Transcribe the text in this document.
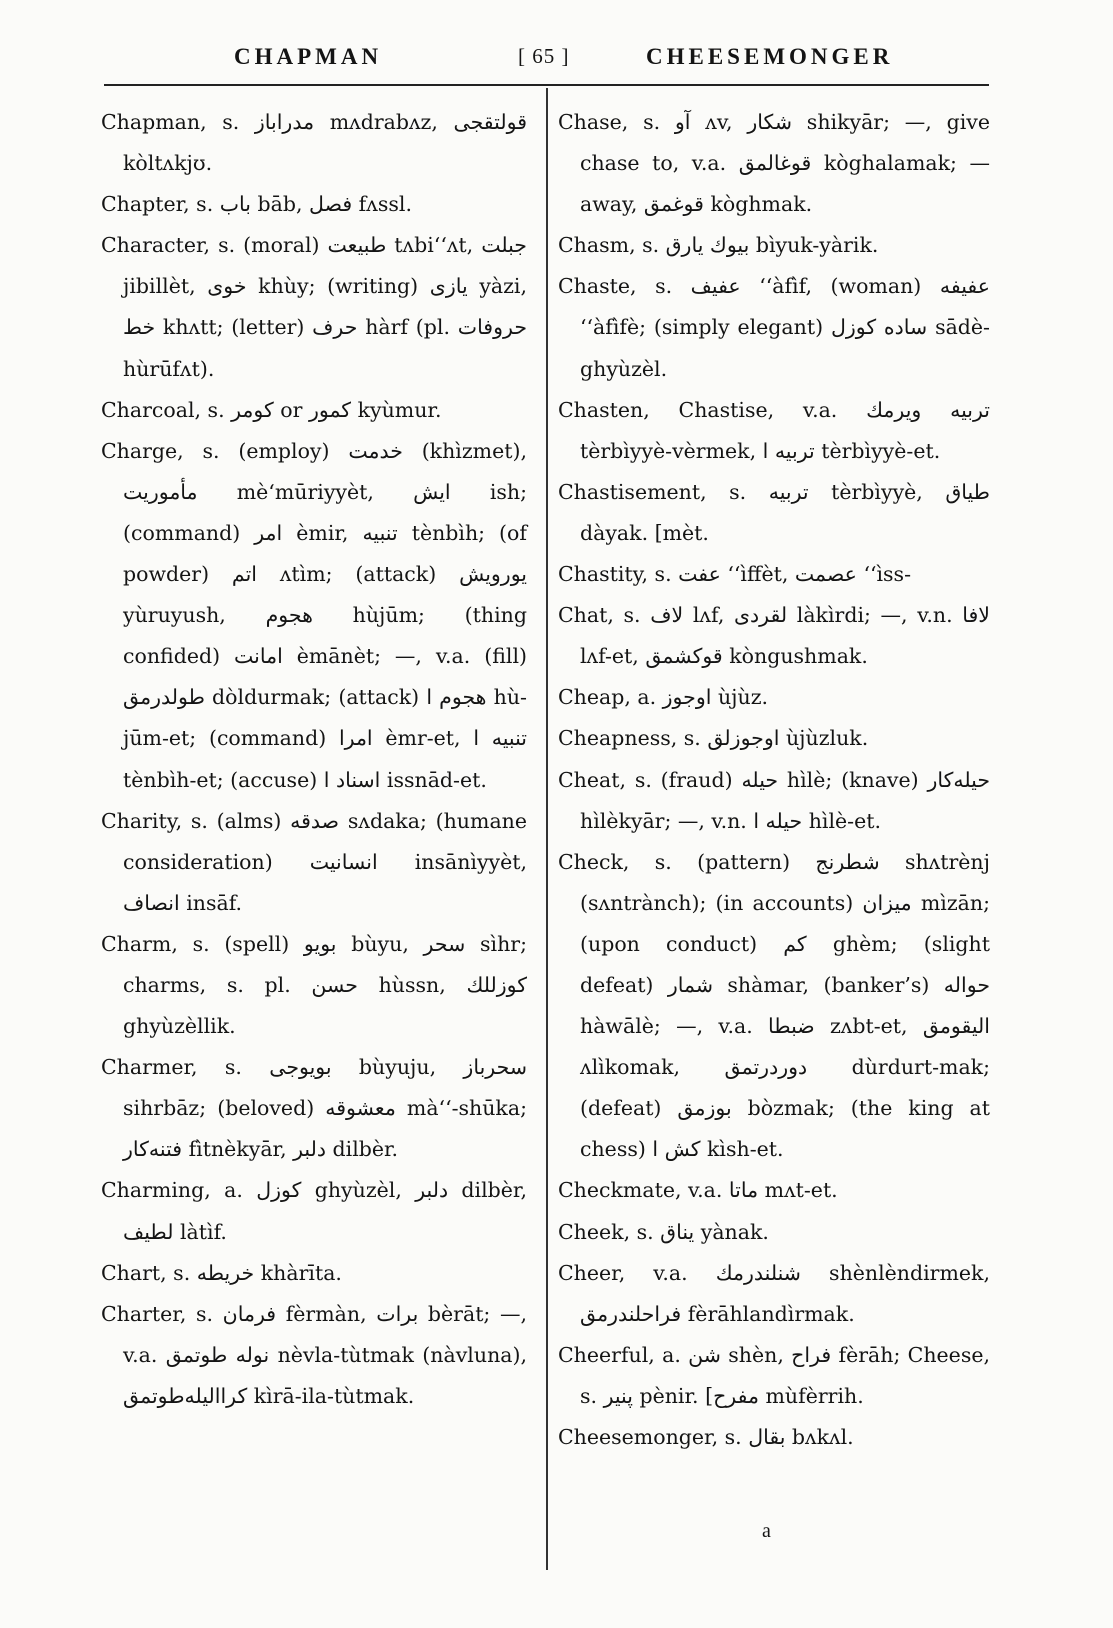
CHAPMAN	[ 65 ]	CHEESEMONGER

Chapman, s. مدراباز mʌdrabʌz, قولتقجى kòltʌkjʊ.

Chapter, s. باب bāb, فصل fʌssl.

Character, s. (moral) طبيعت tʌbi‘‘ʌt, جبلت jibillèt, خوى khùy; (writing) يازى yàzi, خط khʌtt; (letter) حرف hàrf (pl. حروفات hùrūfʌt).

Charcoal, s. كومر or كمور kyùmur.

Charge, s. (employ) خدمت (khìzmet), مأموريت mè‘mūriyyèt, ايش ish; (command) امر èmir, تنبيه tènbìh; (of powder) اتم ʌtìm; (attack) يورويش yùruyush, هجوم hùjūm; (thing confided) امانت èmānèt; —, v.a. (fill) طولدرمق dòldurmak; (attack) هجوم ا hù-jūm-et; (command) امرا èmr-et, تنبيه ا tènbìh-et; (accuse) اسناد ا issnād-et.

Charity, s. (alms) صدقه sʌdaka; (humane consideration) انسانيت insānìyyèt, انصاف insāf.

Charm, s. (spell) بويو bùyu, سحر sìhr; charms, s. pl. حسن hùssn, كوزللك ghyùzèllik.

Charmer, s. بويوجى bùyuju, سحرباز sihrbāz; (beloved) معشوقه mà‘‘-shūka; فتنه‌كار fìtnèkyār, دلبر dilbèr.

Charming, a. كوزل ghyùzèl, دلبر dilbèr, لطيف làtìf.

Chart, s. خريطه khàrīta.

Charter, s. فرمان fèrmàn, برات bèrāt; —, v.a. نوله طوتمق nèvla-tùtmak (nàvluna), كرااليله‌طوتمق kìrā-ila-tùtmak.

Chase, s. آو ʌv, شكار shikyār; —, give chase to, v.a. قوغالمق kòghalamak; — away, قوغمق kòghmak.

Chasm, s. بيوك يارق bìyuk-yàrik.

Chaste, s. عفيف ‘‘àfìf, (woman) عفيفه ‘‘àfìfè; (simply elegant) ساده كوزل sādè-ghyùzèl.

Chasten, Chastise, v.a. تربيه ويرمك tèrbìyyè-vèrmek, تربيه ا tèrbìyyè-et.

Chastisement, s. تربيه tèrbìyyè, طياق dàyak. [mèt.

Chastity, s. عفت ‘‘ìffèt, عصمت ‘‘ìss-

Chat, s. لاف lʌf, لقردى làkìrdi; —, v.n. لافا lʌf-et, قوكشمق kòngushmak.

Cheap, a. اوجوز ùjùz.

Cheapness, s. اوجوزلق ùjùzluk.

Cheat, s. (fraud) حيله hìlè; (knave) حيله‌كار hìlèkyār; —, v.n. حيله ا hìlè-et.

Check, s. (pattern) شطرنج shʌtrènj (sʌntrànch); (in accounts) ميزان mìzān; (upon conduct) كم ghèm; (slight defeat) شمار shàmar, (banker’s) حواله hàwālè; —, v.a. ضبطا zʌbt-et, اليقومق ʌlìkomak, دوردرتمق dùrdurt-mak; (defeat) بوزمق bòzmak; (the king at chess) كش ا kìsh-et.

Checkmate, v.a. ماتا mʌt-et.

Cheek, s. يناق yànak.

Cheer, v.a. شنلندرمك shènlèndirmek, فراحلندرمق fèrāhlandìrmak.

Cheerful, a. شن shèn, فراح fèrāh; Cheese, s. پنير pènir. [مفرح mùfèrrih.

Cheesemonger, s. بقال bʌkʌl.

a
